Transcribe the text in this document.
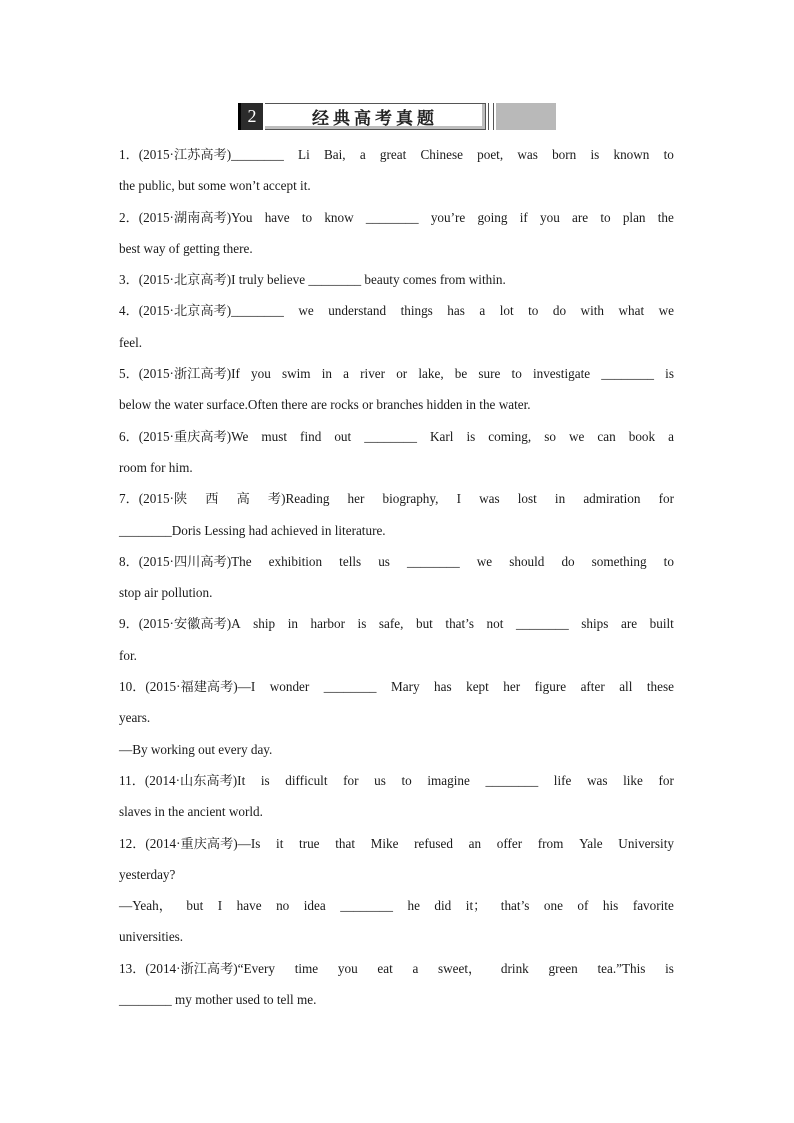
2	经典高考真题
1．(2015·江苏高考)________ Li Bai, a great Chinese poet, was born is known to
the public, but some won’t accept it.
2．(2015·湖南高考)You have to know ________ you’re going if you are to plan the
best way of getting there.
3．(2015·北京高考)I truly believe ________ beauty comes from within.
4．(2015·北京高考)________ we understand things has a lot to do with what we
feel.
5．(2015·浙江高考)If you swim in a river or lake, be sure to investigate ________ is
below the water surface.Often there are rocks or branches hidden in the water.
6．(2015·重庆高考)We must find out ________ Karl is coming, so we can book a
room for him.
7．(2015·陕 西 高 考)Reading her biography, I was lost in admiration for
________Doris Lessing had achieved in literature.
8．(2015·四川高考)The exhibition tells us ________ we should do something to
stop air pollution.
9．(2015·安徽高考)A ship in harbor is safe, but that’s not ________ ships are built
for.
10．(2015·福建高考)—I wonder ________ Mary has kept her figure after all these
years.
—By working out every day.
11．(2014·山东高考)It is difficult for us to imagine ________ life was like for
slaves in the ancient world.
12．(2014·重庆高考)—Is it true that Mike refused an offer from Yale University
yesterday?
—Yeah， but I have no idea ________ he did it； that’s one of his favorite
universities.
13．(2014·浙江高考)“Every time you eat a sweet， drink green tea.”This is
________ my mother used to tell me.
